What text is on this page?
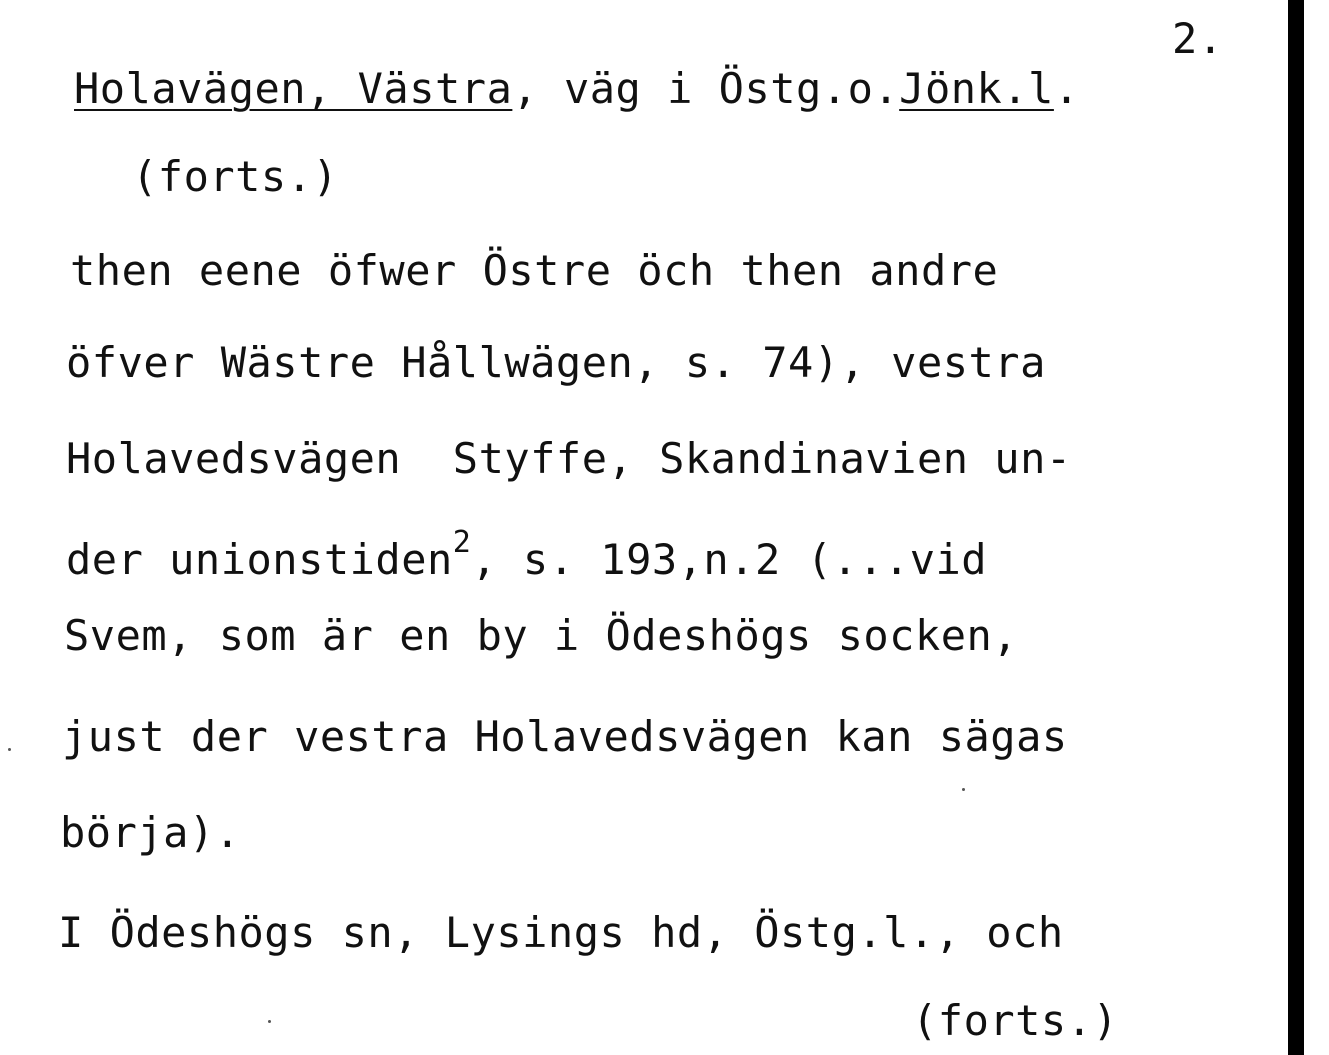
2.
Holavägen, Västra, väg i Östg.o.Jönk.l.
(forts.)
then eene öfwer Östre öch then andre
öfver Wästre Hållwägen, s. 74), vestra
Holavedsvägen  Styffe, Skandinavien un-
der unionstiden$^2$, s. 193,n.2 (...vid
Svem, som är en by i Ödeshögs socken,
just der vestra Holavedsvägen kan sägas
börja).
I Ödeshögs sn, Lysings hd, Östg.l., och
(forts.)
